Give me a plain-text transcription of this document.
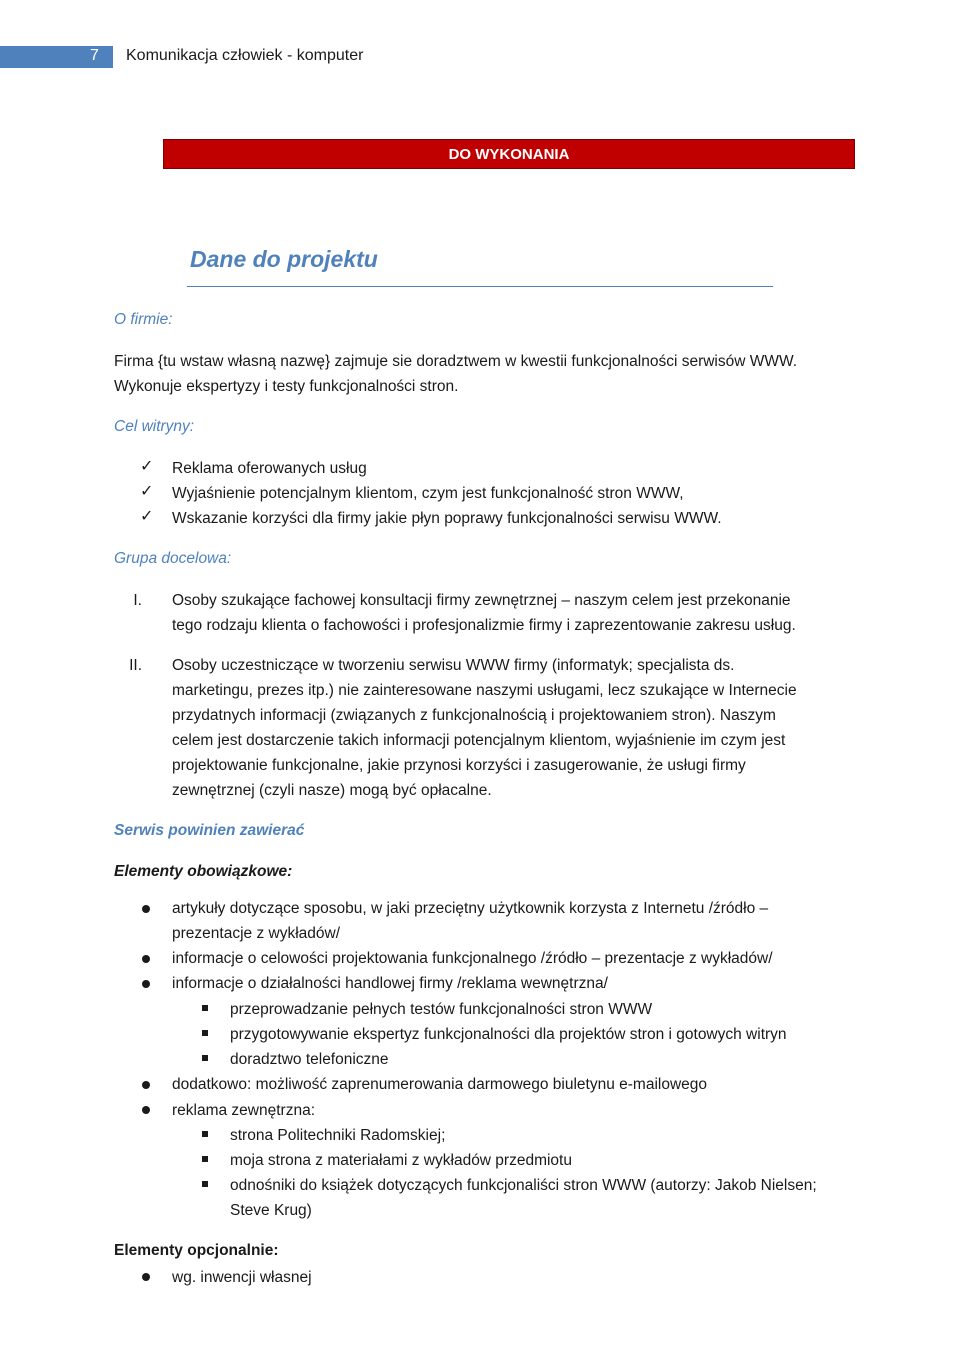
7 Komunikacja człowiek - komputer
DO WYKONANIA
Dane do projektu
O firmie:
Firma {tu wstaw własną nazwę} zajmuje sie doradztwem w kwestii funkcjonalności serwisów WWW.
Wykonuje ekspertyzy i testy funkcjonalności stron.
Cel witryny:
✓ Reklama oferowanych usług
✓ Wyjaśnienie potencjalnym klientom, czym jest funkcjonalność stron WWW,
✓ Wskazanie korzyści dla firmy jakie płyn poprawy funkcjonalności serwisu WWW.
Grupa docelowa:
I. Osoby szukające fachowej konsultacji firmy zewnętrznej – naszym celem jest przekonanie
tego rodzaju klienta o fachowości i profesjonalizmie firmy i zaprezentowanie zakresu usług.
II. Osoby uczestniczące w tworzeniu serwisu WWW firmy (informatyk; specjalista ds.
marketingu, prezes itp.) nie zainteresowane naszymi usługami, lecz szukające w Internecie
przydatnych informacji (związanych z funkcjonalnością i projektowaniem stron). Naszym
celem jest dostarczenie takich informacji potencjalnym klientom, wyjaśnienie im czym jest
projektowanie funkcjonalne, jakie przynosi korzyści i zasugerowanie, że usługi firmy
zewnętrznej (czyli nasze) mogą być opłacalne.
Serwis powinien zawierać
Elementy obowiązkowe:
artykuły dotyczące sposobu, w jaki przeciętny użytkownik korzysta z Internetu /źródło –
prezentacje z wykładów/
informacje o celowości projektowania funkcjonalnego /źródło – prezentacje z wykładów/
informacje o działalności handlowej firmy /reklama wewnętrzna/
przeprowadzanie pełnych testów funkcjonalności stron WWW
przygotowywanie ekspertyz funkcjonalności dla projektów stron i gotowych witryn
doradztwo telefoniczne
dodatkowo: możliwość zaprenumerowania darmowego biuletynu e-mailowego
reklama zewnętrzna:
strona Politechniki Radomskiej;
moja strona z materiałami z wykładów przedmiotu
odnośniki do książek dotyczących funkcjonaliści stron WWW (autorzy: Jakob Nielsen;
Steve Krug)
Elementy opcjonalnie:
wg. inwencji własnej
